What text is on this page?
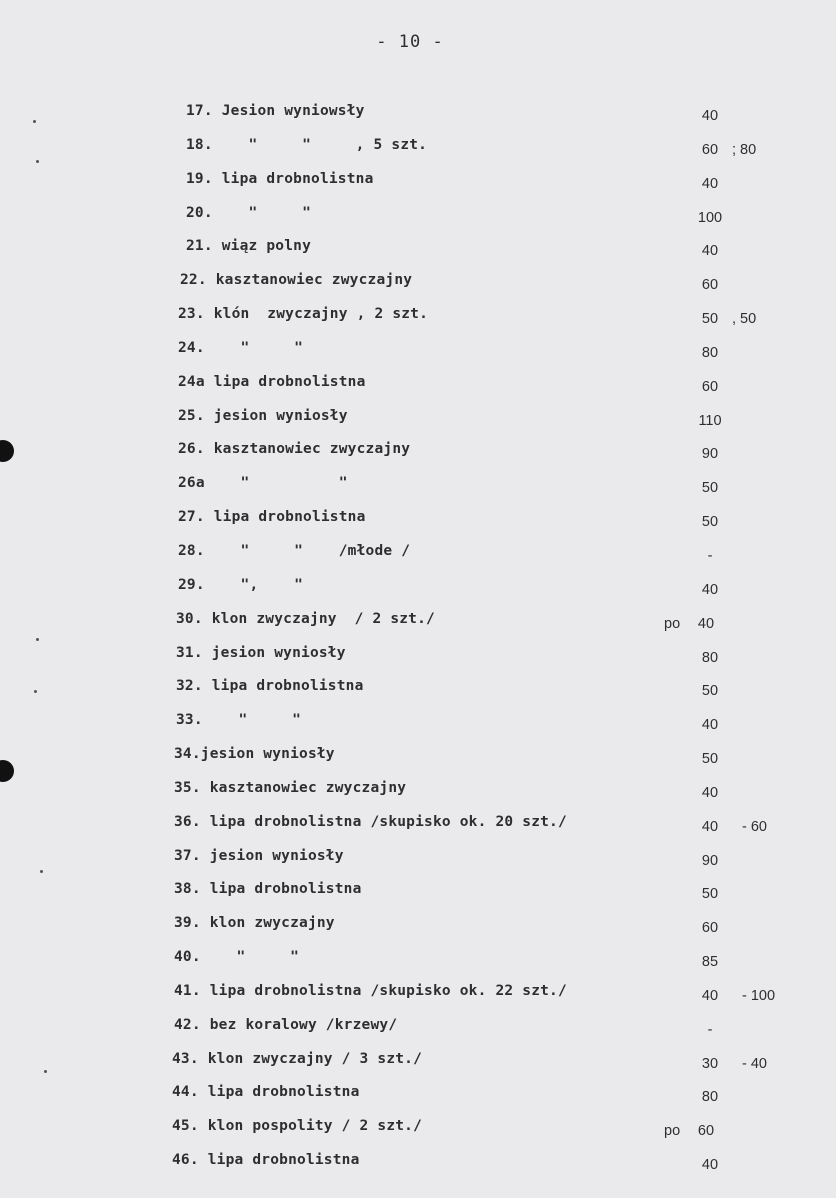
- 10 -
17. Jesion wyniowsły	40
18.    "     "     , 5 szt.	60 ; 80
19. lipa drobnolistna	40
20.    "     "	100
21. wiąz polny	40
22. kasztanowiec zwyczajny	60
23. klón  zwyczajny , 2 szt.	50 , 50
24.    "     "	80
24a lipa drobnolistna	60
25. jesion wyniosły	110
26. kasztanowiec zwyczajny	90
26a    "          "	50
27. lipa drobnolistna	50
28.    "     "    /młode /	-
29.    ",    "	40
30. klon zwyczajny  / 2 szt./	po	40
31. jesion wyniosły	80
32. lipa drobnolistna	50
33.    "     "	40
34.jesion wyniosły	50
35. kasztanowiec zwyczajny	40
36. lipa drobnolistna /skupisko ok. 20 szt./	40	- 60
37. jesion wyniosły	90
38. lipa drobnolistna	50
39. klon zwyczajny	60
40.    "     "	85
41. lipa drobnolistna /skupisko ok. 22 szt./	40	- 100
42. bez koralowy /krzewy/	-
43. klon zwyczajny / 3 szt./	30	- 40
44. lipa drobnolistna	80
45. klon pospolity / 2 szt./	po	60
46. lipa drobnolistna	40
